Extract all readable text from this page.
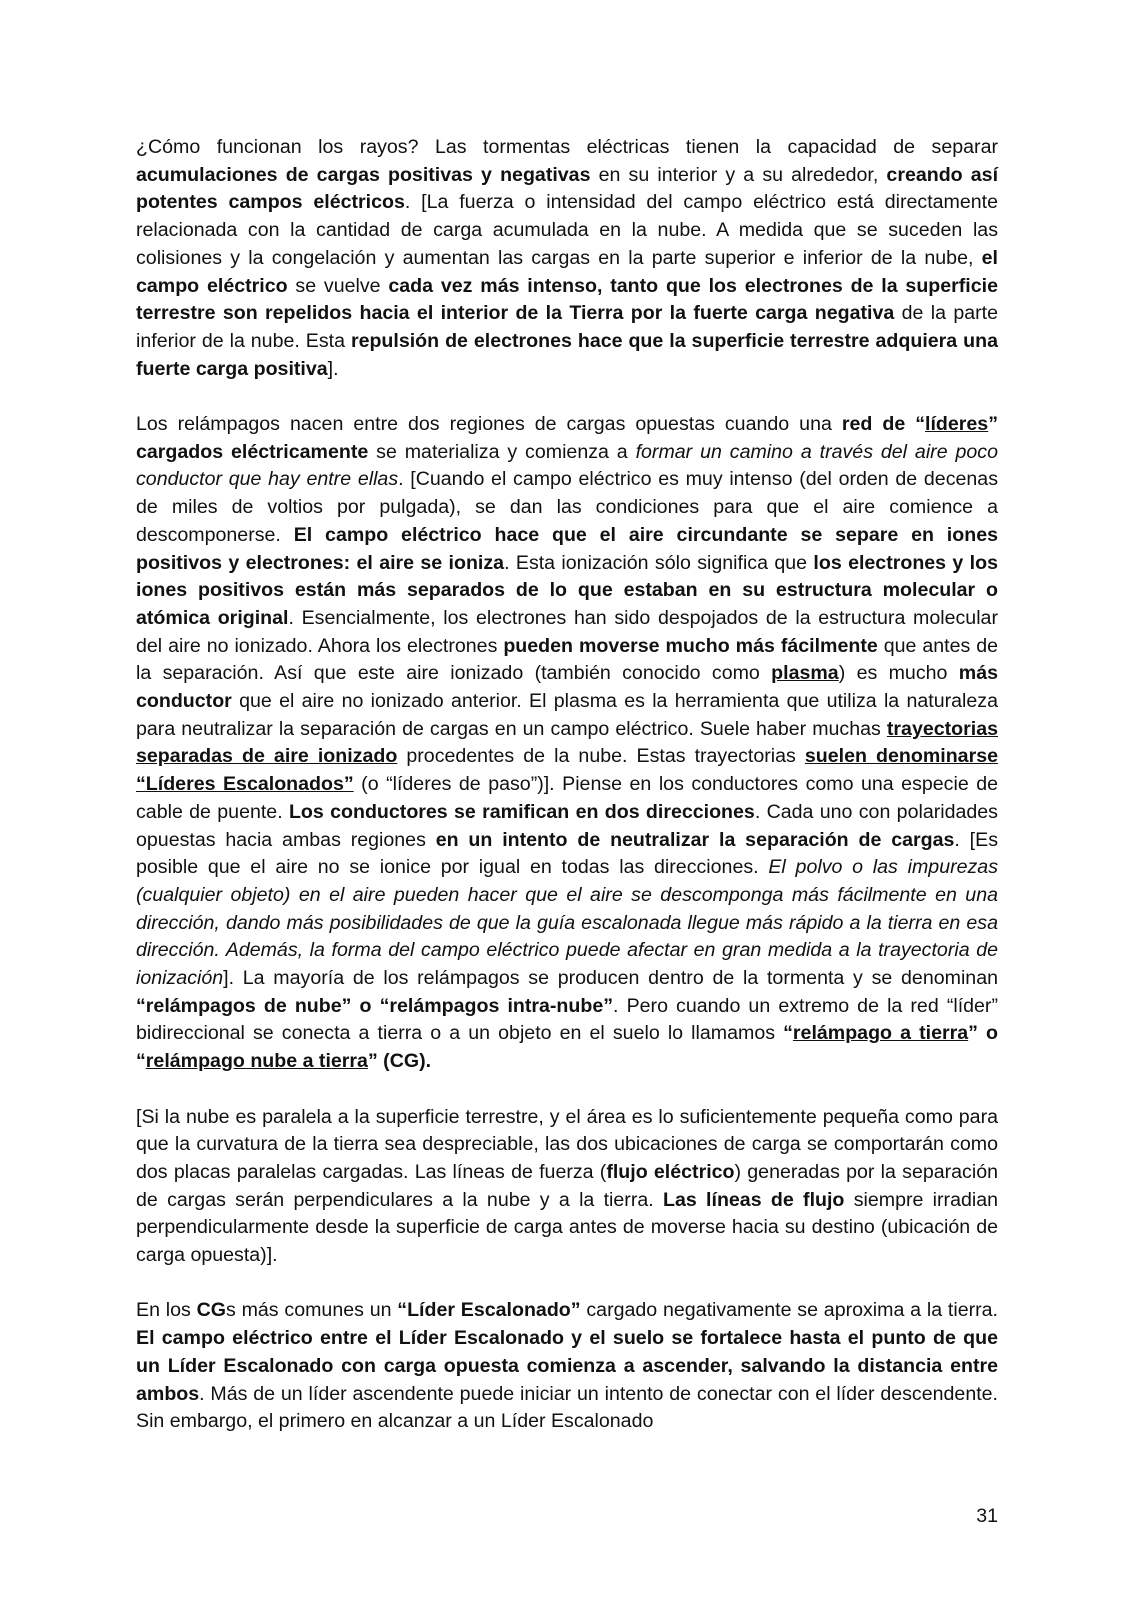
¿Cómo funcionan los rayos? Las tormentas eléctricas tienen la capacidad de separar acumulaciones de cargas positivas y negativas en su interior y a su alrededor, creando así potentes campos eléctricos. [La fuerza o intensidad del campo eléctrico está directamente relacionada con la cantidad de carga acumulada en la nube. A medida que se suceden las colisiones y la congelación y aumentan las cargas en la parte superior e inferior de la nube, el campo eléctrico se vuelve cada vez más intenso, tanto que los electrones de la superficie terrestre son repelidos hacia el interior de la Tierra por la fuerte carga negativa de la parte inferior de la nube. Esta repulsión de electrones hace que la superficie terrestre adquiera una fuerte carga positiva].

Los relámpagos nacen entre dos regiones de cargas opuestas cuando una red de “líderes” cargados eléctricamente se materializa y comienza a formar un camino a través del aire poco conductor que hay entre ellas. [Cuando el campo eléctrico es muy intenso (del orden de decenas de miles de voltios por pulgada), se dan las condiciones para que el aire comience a descomponerse. El campo eléctrico hace que el aire circundante se separe en iones positivos y electrones: el aire se ioniza. Esta ionización sólo significa que los electrones y los iones positivos están más separados de lo que estaban en su estructura molecular o atómica original. Esencialmente, los electrones han sido despojados de la estructura molecular del aire no ionizado. Ahora los electrones pueden moverse mucho más fácilmente que antes de la separación. Así que este aire ionizado (también conocido como plasma) es mucho más conductor que el aire no ionizado anterior. El plasma es la herramienta que utiliza la naturaleza para neutralizar la separación de cargas en un campo eléctrico. Suele haber muchas trayectorias separadas de aire ionizado procedentes de la nube. Estas trayectorias suelen denominarse “Líderes Escalonados” (o “líderes de paso”)]. Piense en los conductores como una especie de cable de puente. Los conductores se ramifican en dos direcciones. Cada uno con polaridades opuestas hacia ambas regiones en un intento de neutralizar la separación de cargas. [Es posible que el aire no se ionice por igual en todas las direcciones. El polvo o las impurezas (cualquier objeto) en el aire pueden hacer que el aire se descomponga más fácilmente en una dirección, dando más posibilidades de que la guía escalonada llegue más rápido a la tierra en esa dirección. Además, la forma del campo eléctrico puede afectar en gran medida a la trayectoria de ionización]. La mayoría de los relámpagos se producen dentro de la tormenta y se denominan “relámpagos de nube” o “relámpagos intra-nube”. Pero cuando un extremo de la red “líder” bidireccional se conecta a tierra o a un objeto en el suelo lo llamamos “relámpago a tierra” o “relámpago nube a tierra” (CG).

[Si la nube es paralela a la superficie terrestre, y el área es lo suficientemente pequeña como para que la curvatura de la tierra sea despreciable, las dos ubicaciones de carga se comportarán como dos placas paralelas cargadas. Las líneas de fuerza (flujo eléctrico) generadas por la separación de cargas serán perpendiculares a la nube y a la tierra. Las líneas de flujo siempre irradian perpendicularmente desde la superficie de carga antes de moverse hacia su destino (ubicación de carga opuesta)].

En los CGs más comunes un “Líder Escalonado” cargado negativamente se aproxima a la tierra. El campo eléctrico entre el Líder Escalonado y el suelo se fortalece hasta el punto de que un Líder Escalonado con carga opuesta comienza a ascender, salvando la distancia entre ambos. Más de un líder ascendente puede iniciar un intento de conectar con el líder descendente. Sin embargo, el primero en alcanzar a un Líder Escalonado

31
